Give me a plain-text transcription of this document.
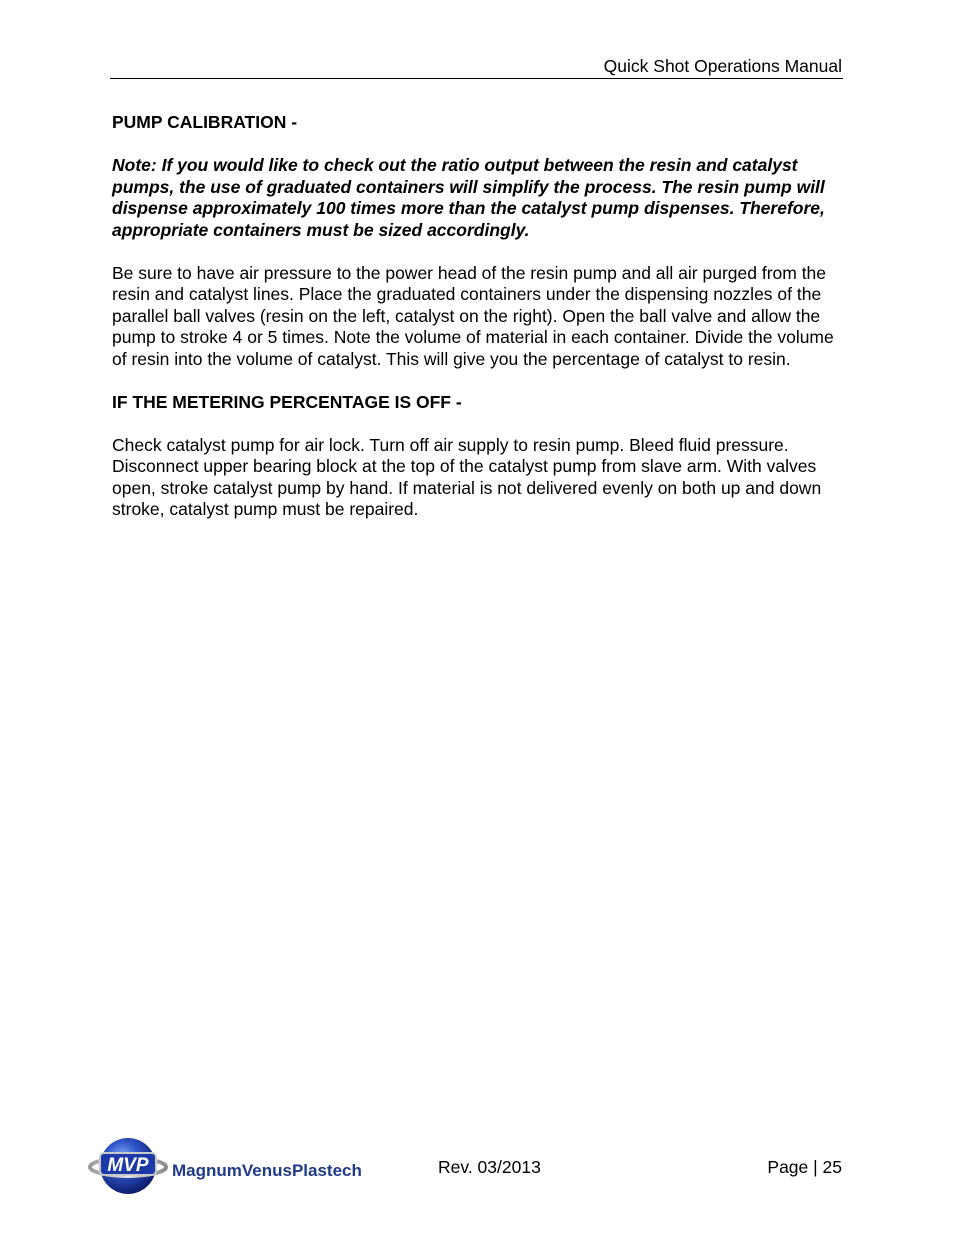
Quick Shot Operations Manual

PUMP CALIBRATION -

Note: If you would like to check out the ratio output between the resin and catalyst pumps, the use of graduated containers will simplify the process. The resin pump will dispense approximately 100 times more than the catalyst pump dispenses. Therefore, appropriate containers must be sized accordingly.

Be sure to have air pressure to the power head of the resin pump and all air purged from the resin and catalyst lines. Place the graduated containers under the dispensing nozzles of the parallel ball valves (resin on the left, catalyst on the right). Open the ball valve and allow the pump to stroke 4 or 5 times. Note the volume of material in each container. Divide the volume of resin into the volume of catalyst. This will give you the percentage of catalyst to resin.

IF THE METERING PERCENTAGE IS OFF -

Check catalyst pump for air lock. Turn off air supply to resin pump. Bleed fluid pressure. Disconnect upper bearing block at the top of the catalyst pump from slave arm. With valves open, stroke catalyst pump by hand. If material is not delivered evenly on both up and down stroke, catalyst pump must be repaired.

MVP MagnumVenusPlastech	Rev. 03/2013	Page | 25
